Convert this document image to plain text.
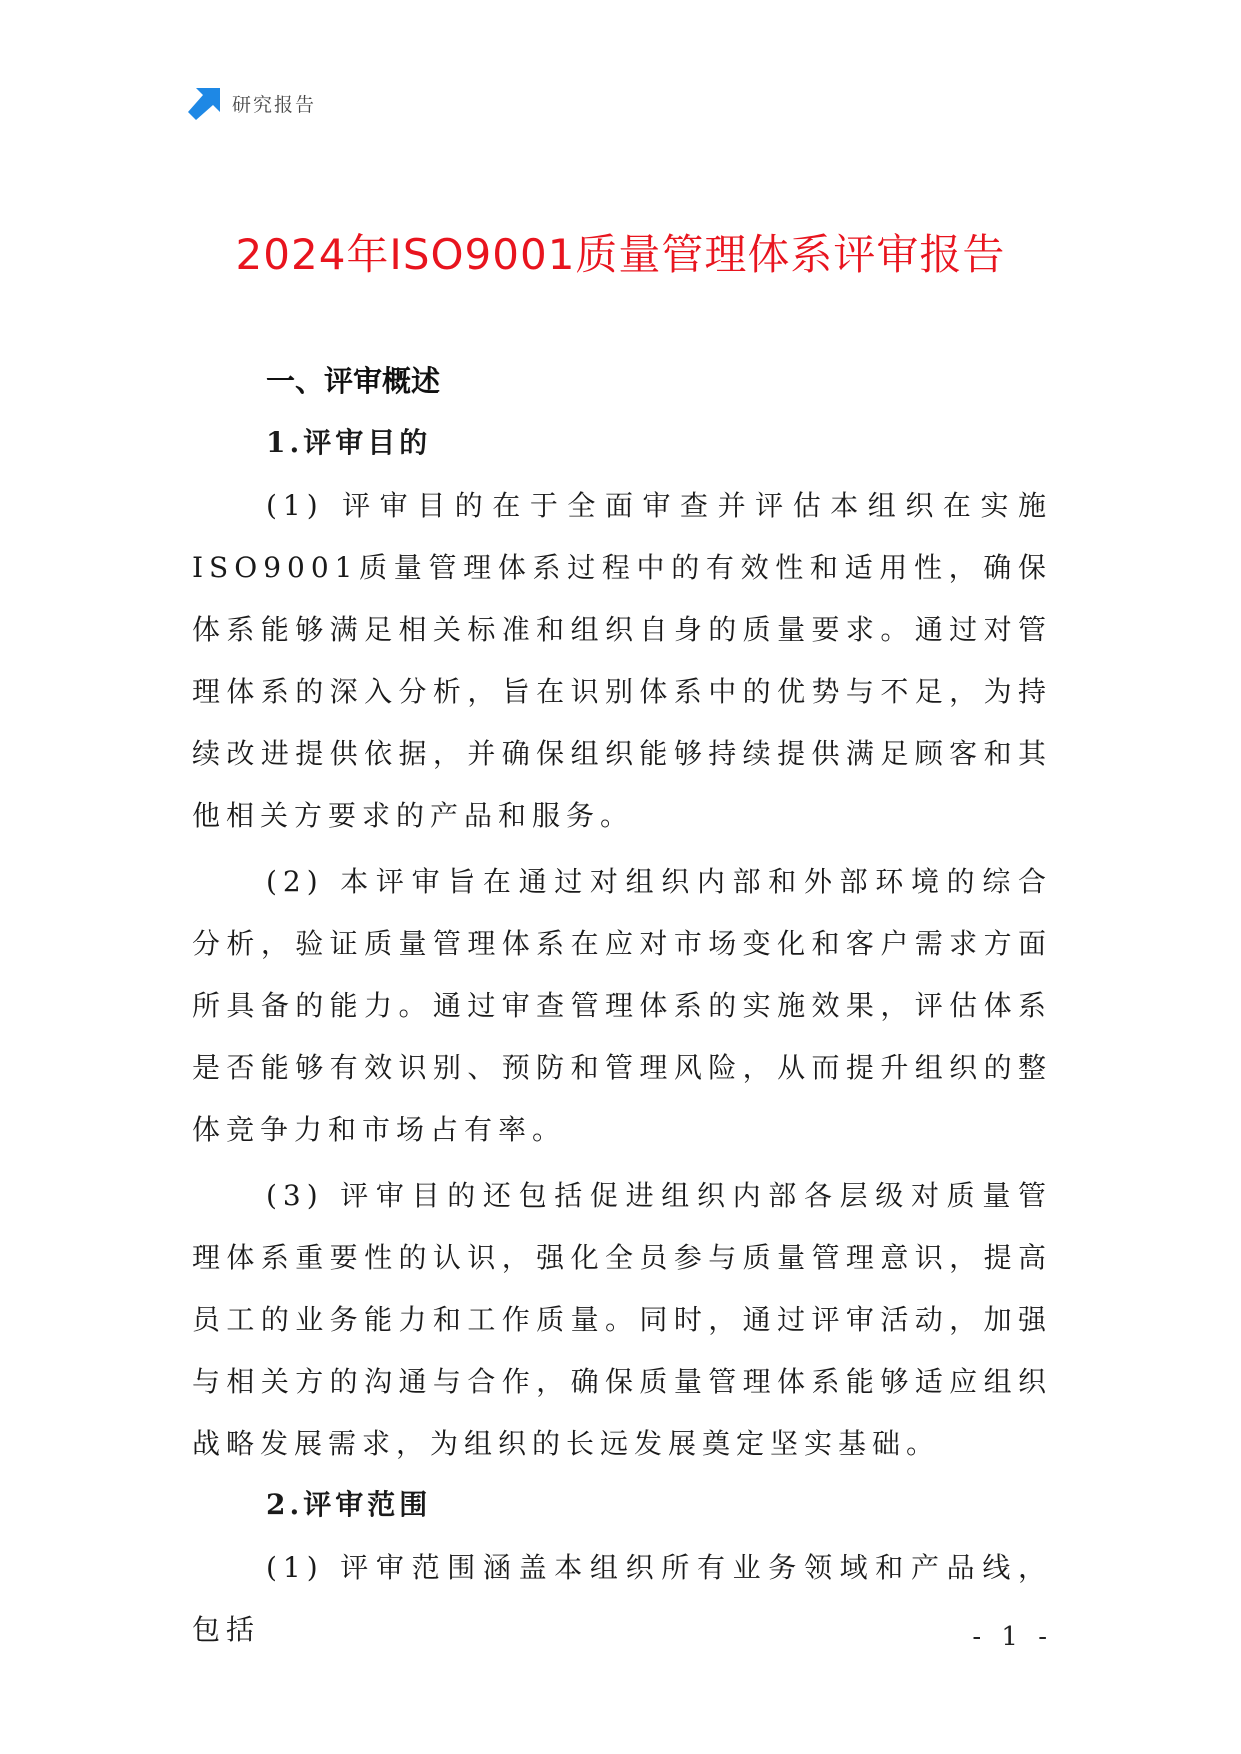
研究报告
2024年ISO9001质量管理体系评审报告
一、评审概述
1.评审目的

(1) 评审目的在于全面审查并评估本组织在实施ISO9001质量管理体系过程中的有效性和适用性，确保体系能够满足相关标准和组织自身的质量要求。通过对管理体系的深入分析，旨在识别体系中的优势与不足，为持续改进提供依据，并确保组织能够持续提供满足顾客和其他相关方要求的产品和服务。

(2) 本评审旨在通过对组织内部和外部环境的综合分析，验证质量管理体系在应对市场变化和客户需求方面所具备的能力。通过审查管理体系的实施效果，评估体系是否能够有效识别、预防和管理风险，从而提升组织的整体竞争力和市场占有率。

(3) 评审目的还包括促进组织内部各层级对质量管理体系重要性的认识，强化全员参与质量管理意识，提高员工的业务能力和工作质量。同时，通过评审活动，加强与相关方的沟通与合作，确保质量管理体系能够适应组织战略发展需求，为组织的长远发展奠定坚实基础。

2.评审范围

(1) 评审范围涵盖本组织所有业务领域和产品线，包括	- 1 -
